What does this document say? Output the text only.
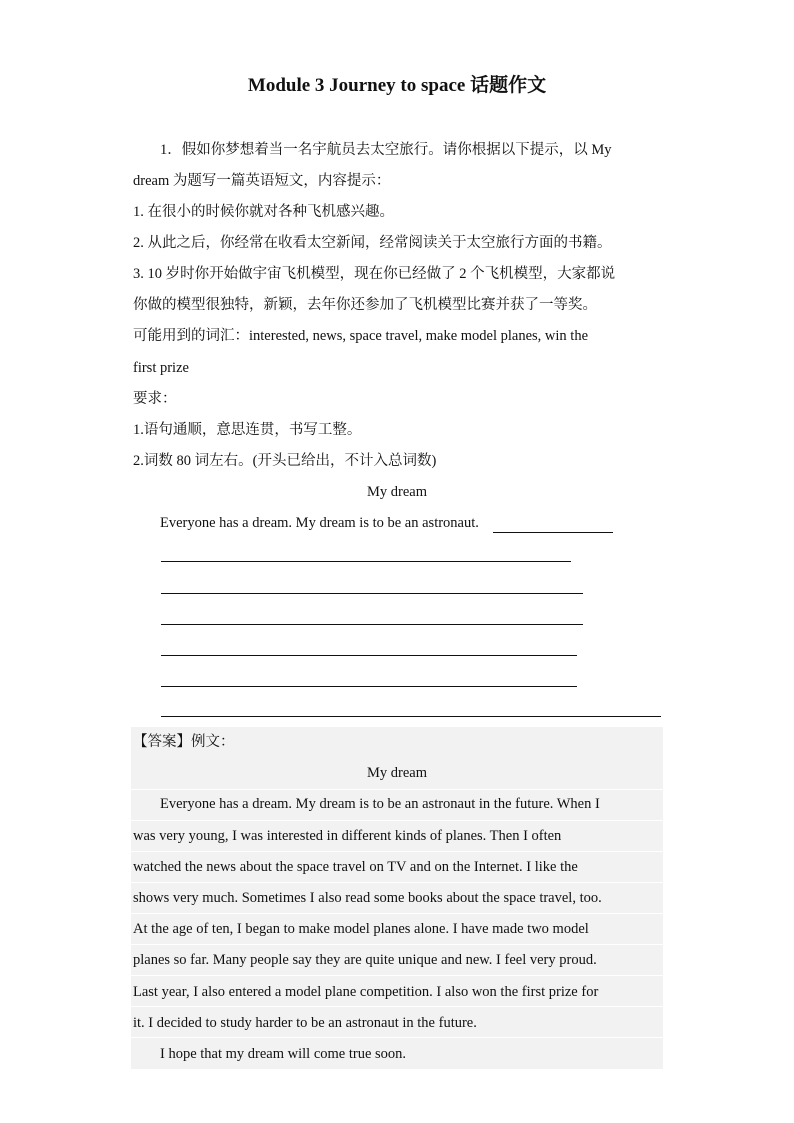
Module 3 Journey to space 话题作文
1．假如你梦想着当一名宇航员去太空旅行。请你根据以下提示，以 My
dream 为题写一篇英语短文，内容提示：
1. 在很小的时候你就对各种飞机感兴趣。
2. 从此之后，你经常在收看太空新闻，经常阅读关于太空旅行方面的书籍。
3. 10 岁时你开始做宇宙飞机模型，现在你已经做了 2 个飞机模型，大家都说
你做的模型很独特，新颖，去年你还参加了飞机模型比赛并获了一等奖。
可能用到的词汇：interested, news, space travel, make model planes, win the
first prize
要求：
1.语句通顺，意思连贯，书写工整。
2.词数 80 词左右。(开头已给出，不计入总词数)
My dream
Everyone has a dream. My dream is to be an astronaut.
【答案】例文：
My dream
Everyone has a dream. My dream is to be an astronaut in the future. When I
was very young, I was interested in different kinds of planes. Then I often
watched the news about the space travel on TV and on the Internet. I like the
shows very much. Sometimes I also read some books about the space travel, too.
At the age of ten, I began to make model planes alone. I have made two model
planes so far. Many people say they are quite unique and new. I feel very proud.
Last year, I also entered a model plane competition. I also won the first prize for
it. I decided to study harder to be an astronaut in the future.
I hope that my dream will come true soon.
